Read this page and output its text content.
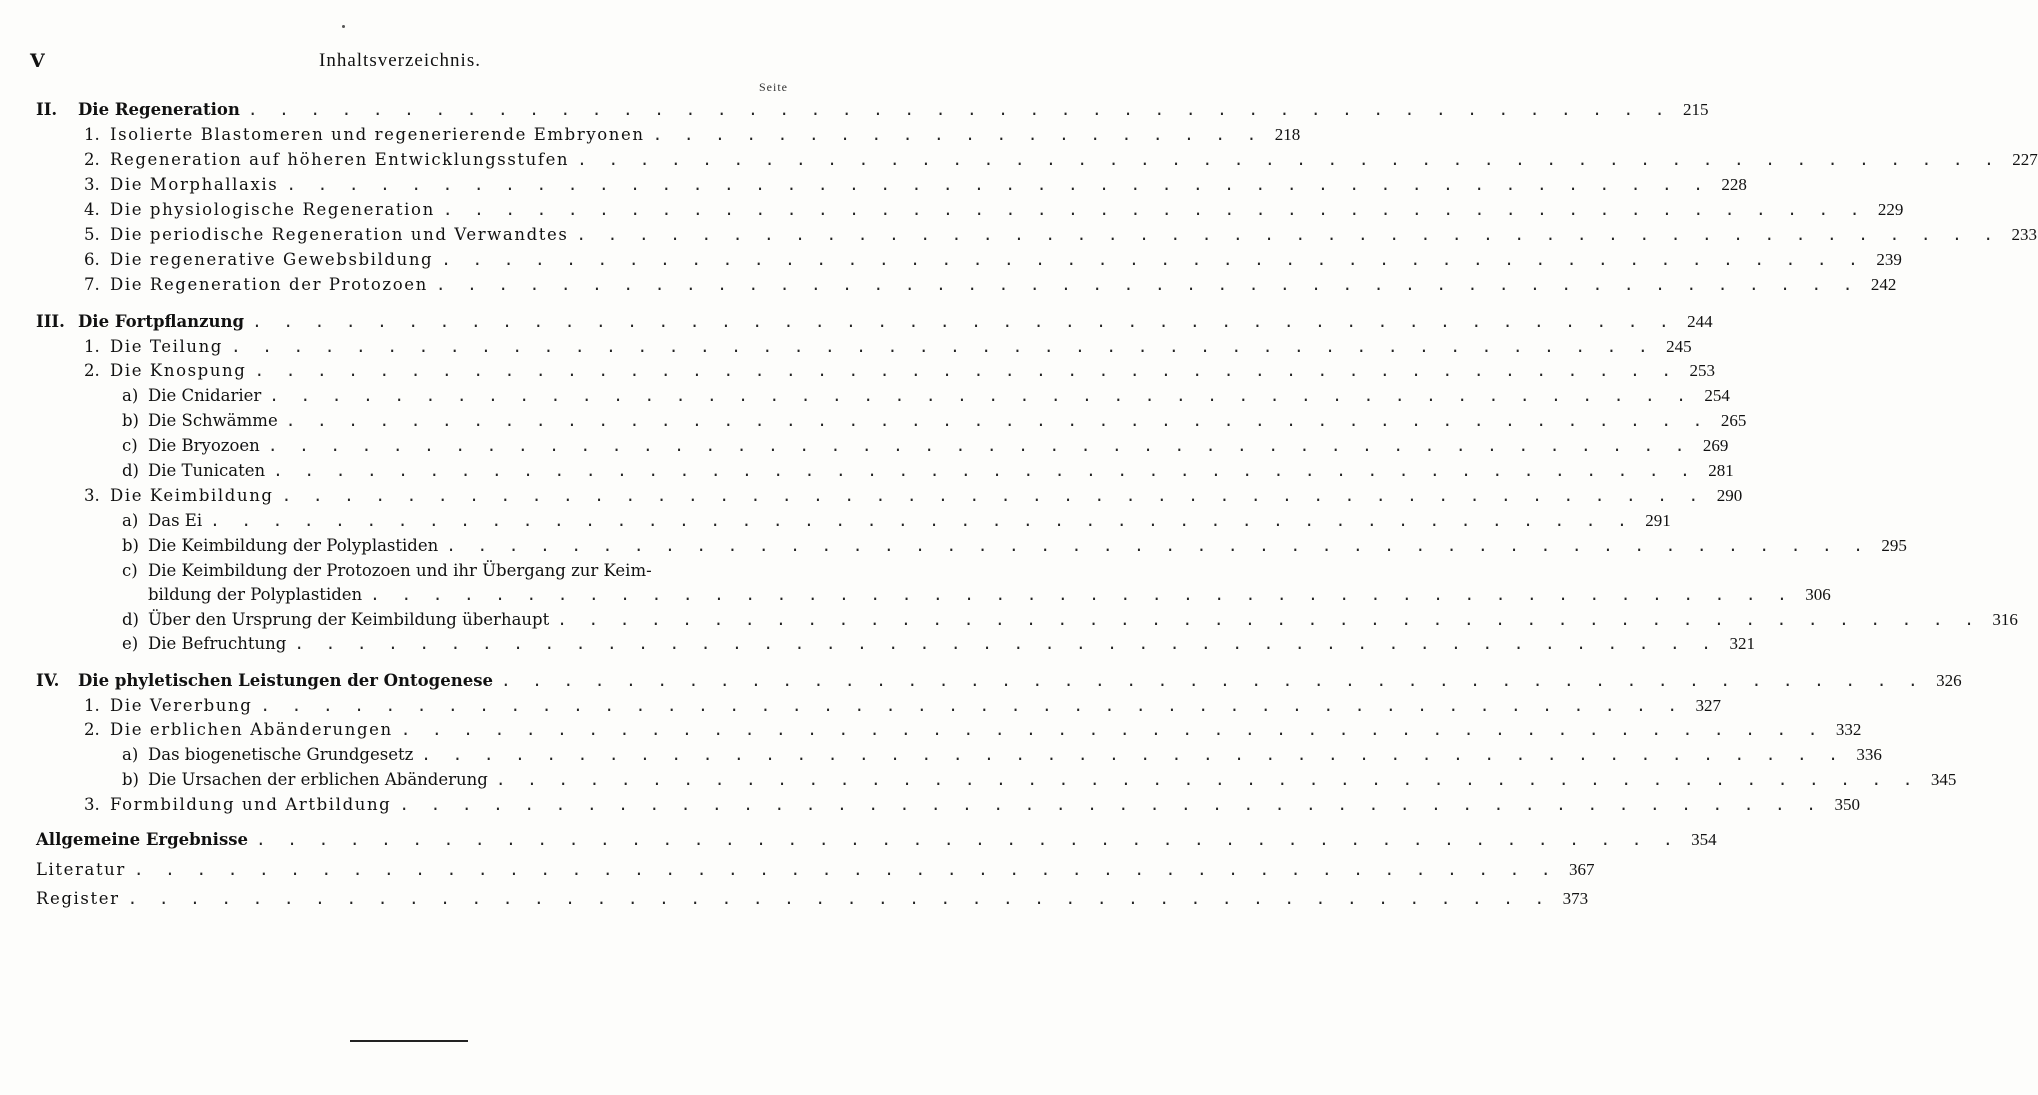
V	Inhaltsverzeichnis.
Seite
II.	Die Regeneration . . . . . . . . . . . . . . . . . . . . . . . . . . . . . . . . . . . . . . . . . . . . . . 215
1. Isolierte Blastomeren und regenerierende Embryonen . . . . . . . . . . . . . . . . . . . . 218
2. Regeneration auf höheren Entwicklungsstufen . . . . . . . . . . . . . . . . . . . . . . . . . . . . . . . . . . . . . . . . . . . . . . 227
3. Die Morphallaxis . . . . . . . . . . . . . . . . . . . . . . . . . . . . . . . . . . . . . . . . . . . . . . 228
4. Die physiologische Regeneration . . . . . . . . . . . . . . . . . . . . . . . . . . . . . . . . . . . . . . . . . . . . . . 229
5. Die periodische Regeneration und Verwandtes . . . . . . . . . . . . . . . . . . . . . . . . . . . . . . . . . . . . . . . . . . . . . . 233
6. Die regenerative Gewebsbildung . . . . . . . . . . . . . . . . . . . . . . . . . . . . . . . . . . . . . . . . . . . . . . 239
7. Die Regeneration der Protozoen . . . . . . . . . . . . . . . . . . . . . . . . . . . . . . . . . . . . . . . . . . . . . . 242
III. Die Fortpflanzung . . . . . . . . . . . . . . . . . . . . . . . . . . . . . . . . . . . . . . . . . . . . . . 244
1. Die Teilung . . . . . . . . . . . . . . . . . . . . . . . . . . . . . . . . . . . . . . . . . . . . . . 245
2. Die Knospung . . . . . . . . . . . . . . . . . . . . . . . . . . . . . . . . . . . . . . . . . . . . . . 253
a) Die Cnidarier . . . . . . . . . . . . . . . . . . . . . . . . . . . . . . . . . . . . . . . . . . . . . . 254
b) Die Schwämme . . . . . . . . . . . . . . . . . . . . . . . . . . . . . . . . . . . . . . . . . . . . . . 265
c) Die Bryozoen . . . . . . . . . . . . . . . . . . . . . . . . . . . . . . . . . . . . . . . . . . . . . . 269
d) Die Tunicaten . . . . . . . . . . . . . . . . . . . . . . . . . . . . . . . . . . . . . . . . . . . . . . 281
3. Die Keimbildung . . . . . . . . . . . . . . . . . . . . . . . . . . . . . . . . . . . . . . . . . . . . . . 290
a) Das Ei . . . . . . . . . . . . . . . . . . . . . . . . . . . . . . . . . . . . . . . . . . . . . . 291
b) Die Keimbildung der Polyplastiden . . . . . . . . . . . . . . . . . . . . . . . . . . . . . . . . . . . . . . . . . . . . . . 295
c) Die Keimbildung der Protozoen und ihr Übergang zur Keim-
bildung der Polyplastiden . . . . . . . . . . . . . . . . . . . . . . . . . . . . . . . . . . . . . . . . . . . . . . 306
d) Über den Ursprung der Keimbildung überhaupt . . . . . . . . . . . . . . . . . . . . . . . . . . . . . . . . . . . . . . . . . . . . . . 316
e) Die Befruchtung . . . . . . . . . . . . . . . . . . . . . . . . . . . . . . . . . . . . . . . . . . . . . . 321
IV.	Die phyletischen Leistungen der Ontogenese . . . . . . . . . . . . . . . . . . . . . . . . . . . . . . . . . . . . . . . . . . . . . . 326
1. Die Vererbung . . . . . . . . . . . . . . . . . . . . . . . . . . . . . . . . . . . . . . . . . . . . . . 327
2. Die erblichen Abänderungen . . . . . . . . . . . . . . . . . . . . . . . . . . . . . . . . . . . . . . . . . . . . . . 332
a) Das biogenetische Grundgesetz . . . . . . . . . . . . . . . . . . . . . . . . . . . . . . . . . . . . . . . . . . . . . . 336
b) Die Ursachen der erblichen Abänderung . . . . . . . . . . . . . . . . . . . . . . . . . . . . . . . . . . . . . . . . . . . . . . 345
3. Formbildung und Artbildung . . . . . . . . . . . . . . . . . . . . . . . . . . . . . . . . . . . . . . . . . . . . . . 350
Allgemeine Ergebnisse . . . . . . . . . . . . . . . . . . . . . . . . . . . . . . . . . . . . . . . . . . . . . . 354
Literatur . . . . . . . . . . . . . . . . . . . . . . . . . . . . . . . . . . . . . . . . . . . . . . 367
Register . . . . . . . . . . . . . . . . . . . . . . . . . . . . . . . . . . . . . . . . . . . . . . 373
